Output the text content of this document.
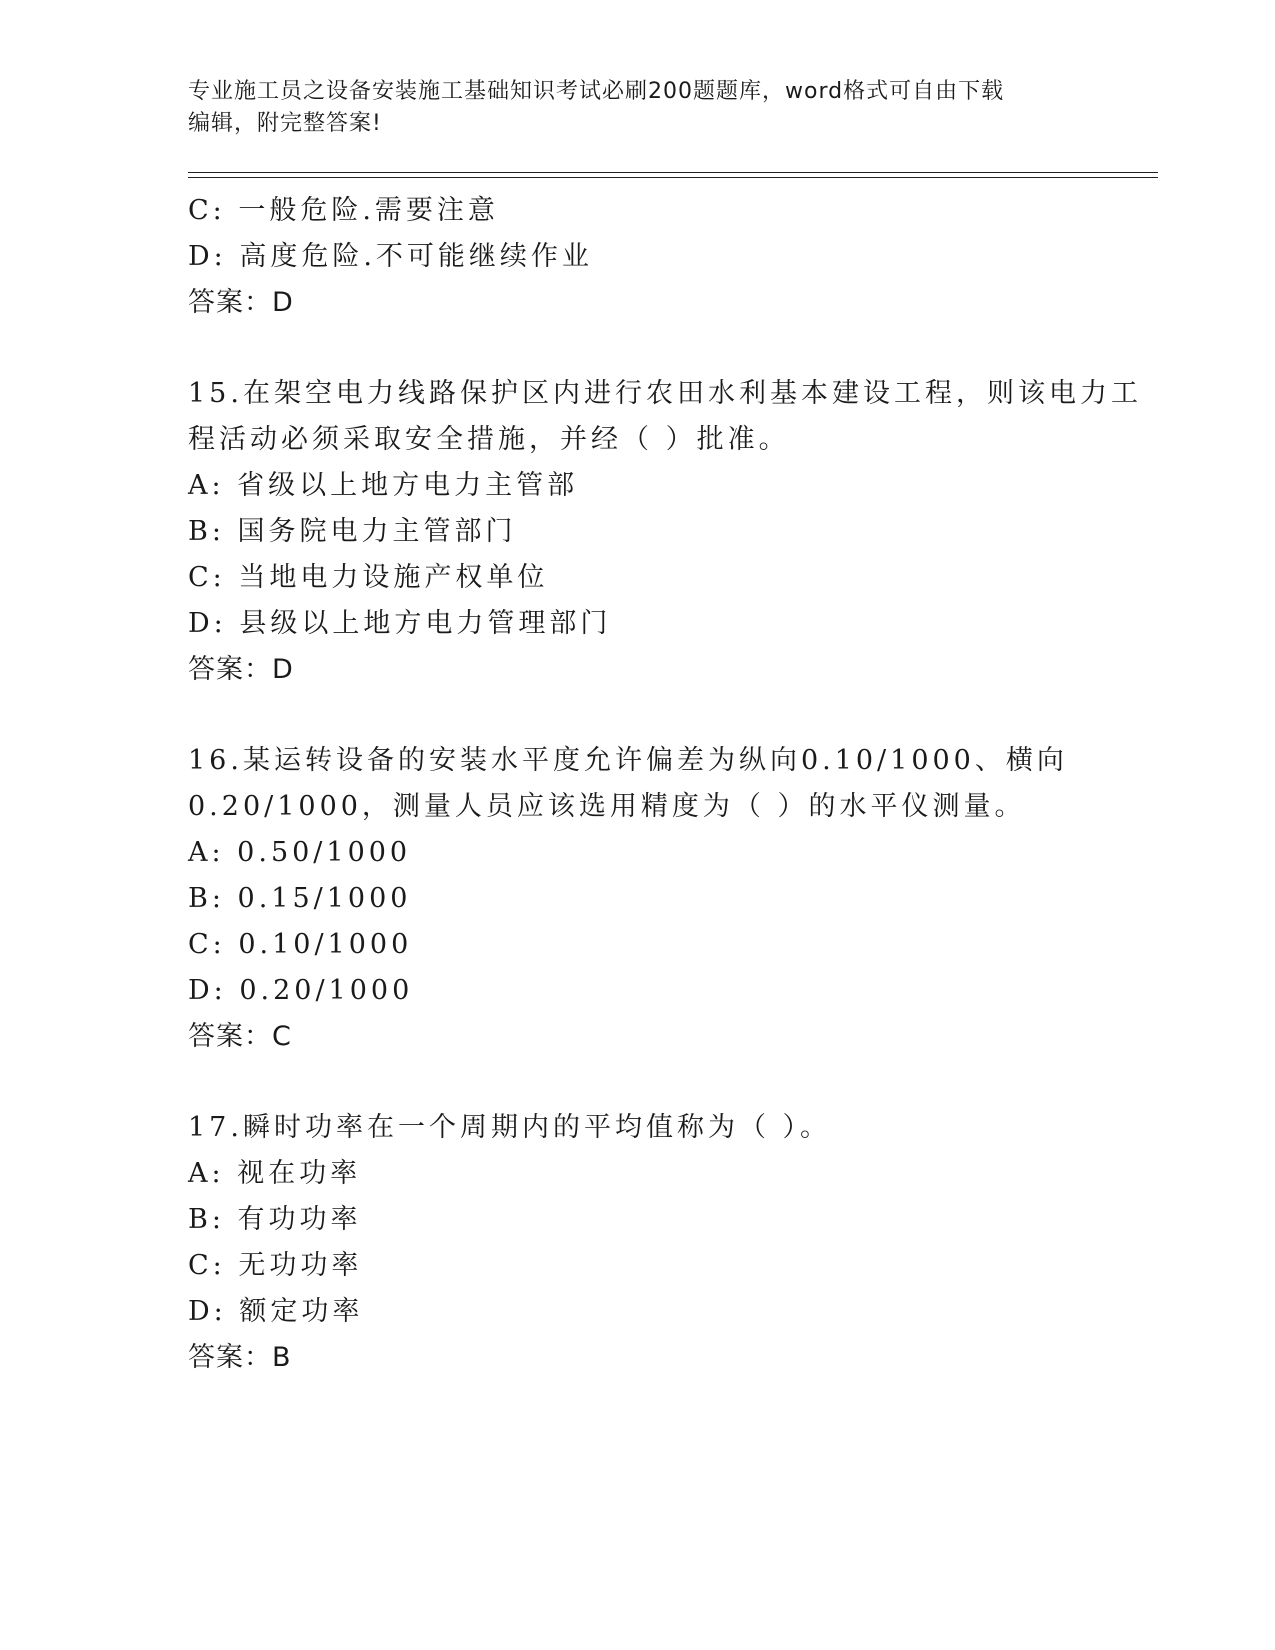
专业施工员之设备安装施工基础知识考试必刷200题题库，word格式可自由下载
编辑，附完整答案!
C: 一般危险.需要注意
D: 高度危险.不可能继续作业
答案：D
15.在架空电力线路保护区内进行农田水利基本建设工程，则该电力工
程活动必须采取安全措施，并经（ ）批准。
A: 省级以上地方电力主管部
B: 国务院电力主管部门
C: 当地电力设施产权单位
D: 县级以上地方电力管理部门
答案：D
16.某运转设备的安装水平度允许偏差为纵向0.10/1000、横向
0.20/1000，测量人员应该选用精度为（ ）的水平仪测量。
A: 0.50/1000
B: 0.15/1000
C: 0.10/1000
D: 0.20/1000
答案：C
17.瞬时功率在一个周期内的平均值称为（ ）。
A: 视在功率
B: 有功功率
C: 无功功率
D: 额定功率
答案：B
